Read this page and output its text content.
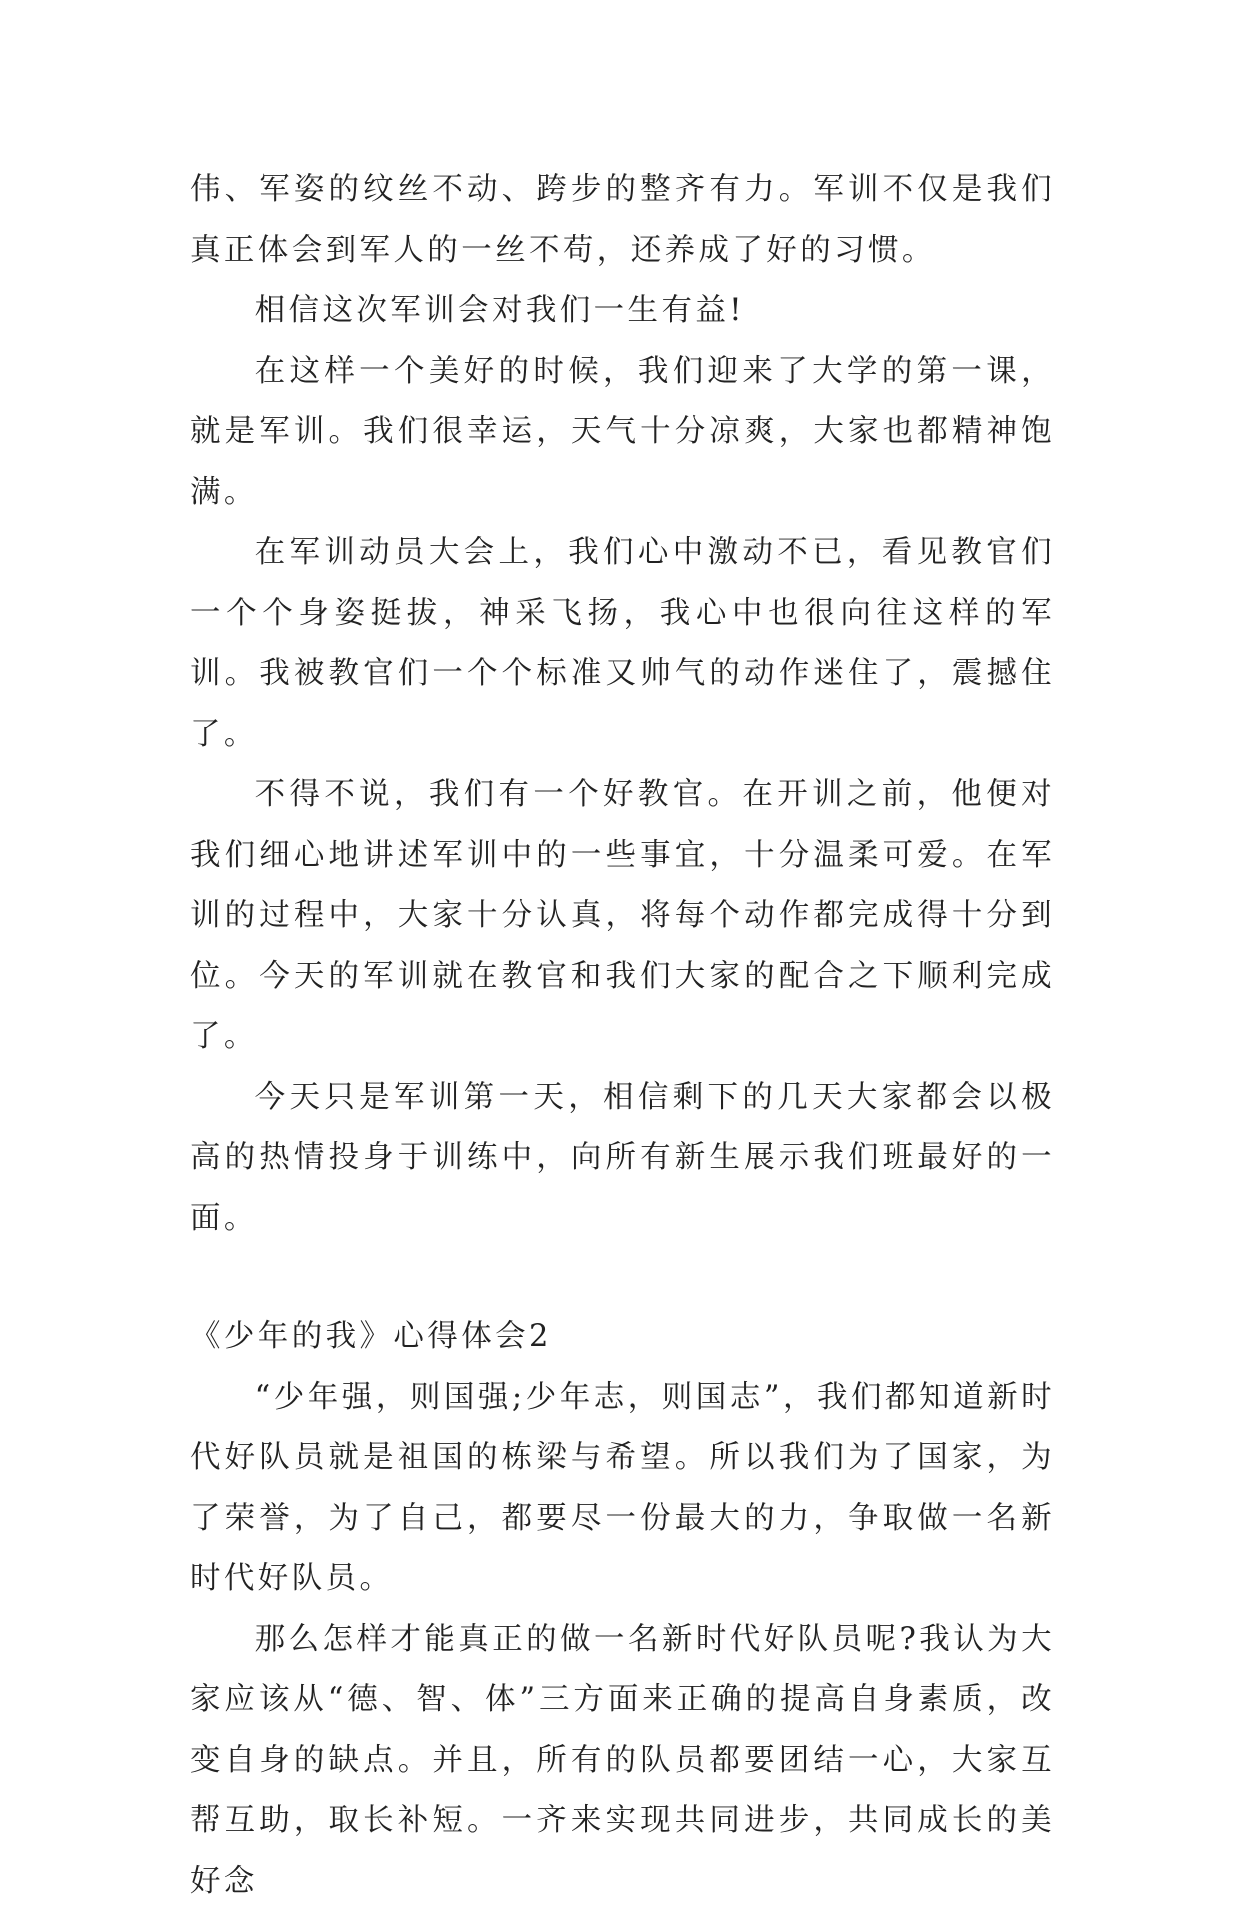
伟、军姿的纹丝不动、跨步的整齐有力。军训不仅是我们真正体会到军人的一丝不苟，还养成了好的习惯。

相信这次军训会对我们一生有益!

在这样一个美好的时候，我们迎来了大学的第一课，就是军训。我们很幸运，天气十分凉爽，大家也都精神饱满。

在军训动员大会上，我们心中激动不已，看见教官们一个个身姿挺拔，神采飞扬，我心中也很向往这样的军训。我被教官们一个个标准又帅气的动作迷住了，震撼住了。

不得不说，我们有一个好教官。在开训之前，他便对我们细心地讲述军训中的一些事宜，十分温柔可爱。在军训的过程中，大家十分认真，将每个动作都完成得十分到位。今天的军训就在教官和我们大家的配合之下顺利完成了。

今天只是军训第一天，相信剩下的几天大家都会以极高的热情投身于训练中，向所有新生展示我们班最好的一面。

《少年的我》心得体会2

“少年强，则国强;少年志，则国志”，我们都知道新时代好队员就是祖国的栋梁与希望。所以我们为了国家，为了荣誉，为了自己，都要尽一份最大的力，争取做一名新时代好队员。

那么怎样才能真正的做一名新时代好队员呢?我认为大家应该从“德、智、体”三方面来正确的提高自身素质，改变自身的缺点。并且，所有的队员都要团结一心，大家互帮互助，取长补短。一齐来实现共同进步，共同成长的美好念
